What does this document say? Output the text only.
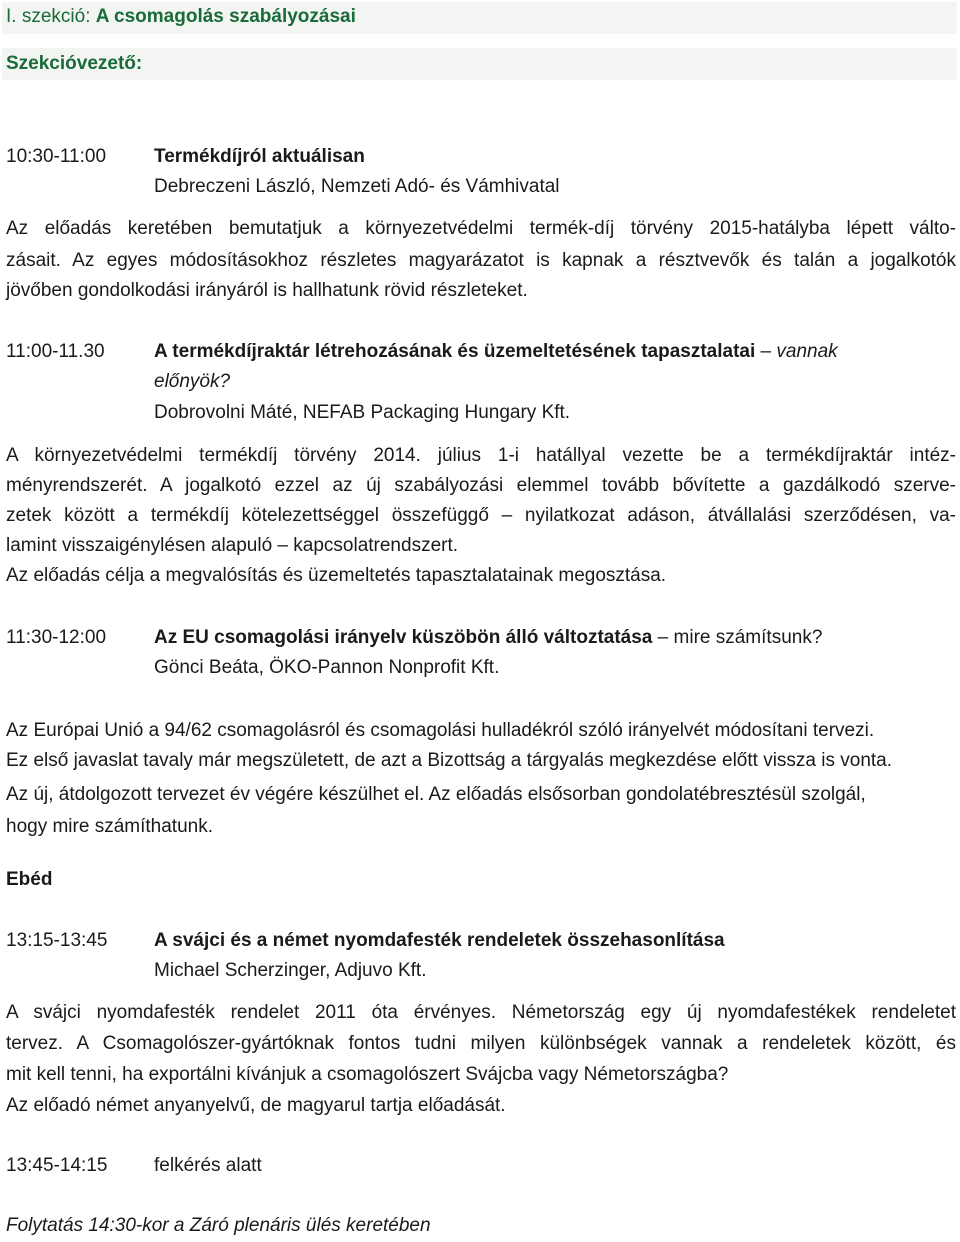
I. szekció: A csomagolás szabályozásai
Szekcióvezető:
10:30-11:00	Termékdíjról aktuálisan
Debreczeni László, Nemzeti Adó- és Vámhivatal
Az előadás keretében bemutatjuk a környezetvédelmi termék-díj törvény 2015-hatályba lépett válto-
zásait. Az egyes módosításokhoz részletes magyarázatot is kapnak a résztvevők és talán a jogalkotók
jövőben gondolkodási irányáról is hallhatunk rövid részleteket.
11:00-11.30	A termékdíjraktár létrehozásának és üzemeltetésének tapasztalatai – vannak
előnyök?
Dobrovolni Máté, NEFAB Packaging Hungary Kft.
A környezetvédelmi termékdíj törvény 2014. július 1-i hatállyal vezette be a termékdíjraktár intéz-
ményrendszerét. A jogalkotó ezzel az új szabályozási elemmel tovább bővítette a gazdálkodó szerve-
zetek között a termékdíj kötelezettséggel összefüggő – nyilatkozat adáson, átvállalási szerződésen, va-
lamint visszaigénylésen alapuló – kapcsolatrendszert.
Az előadás célja a megvalósítás és üzemeltetés tapasztalatainak megosztása.
11:30-12:00	Az EU csomagolási irányelv küszöbön álló változtatása – mire számítsunk?
Gönci Beáta, ÖKO-Pannon Nonprofit Kft.
Az Európai Unió a 94/62 csomagolásról és csomagolási hulladékról szóló irányelvét módosítani tervezi.
Ez első javaslat tavaly már megszületett, de azt a Bizottság a tárgyalás megkezdése előtt vissza is vonta.
Az új, átdolgozott tervezet év végére készülhet el. Az előadás elsősorban gondolatébresztésül szolgál,
hogy mire számíthatunk.
Ebéd
13:15-13:45 A svájci és a német nyomdafesték rendeletek összehasonlítása
Michael Scherzinger, Adjuvo Kft.
A svájci nyomdafesték rendelet 2011 óta érvényes. Németország egy új nyomdafestékek rendeletet
tervez. A Csomagolószer-gyártóknak fontos tudni milyen különbségek vannak a rendeletek között, és
mit kell tenni, ha exportálni kívánjuk a csomagolószert Svájcba vagy Németországba?
Az előadó német anyanyelvű, de magyarul tartja előadását.
13:45-14:15 felkérés alatt
Folytatás 14:30-kor a Záró plenáris ülés keretében
